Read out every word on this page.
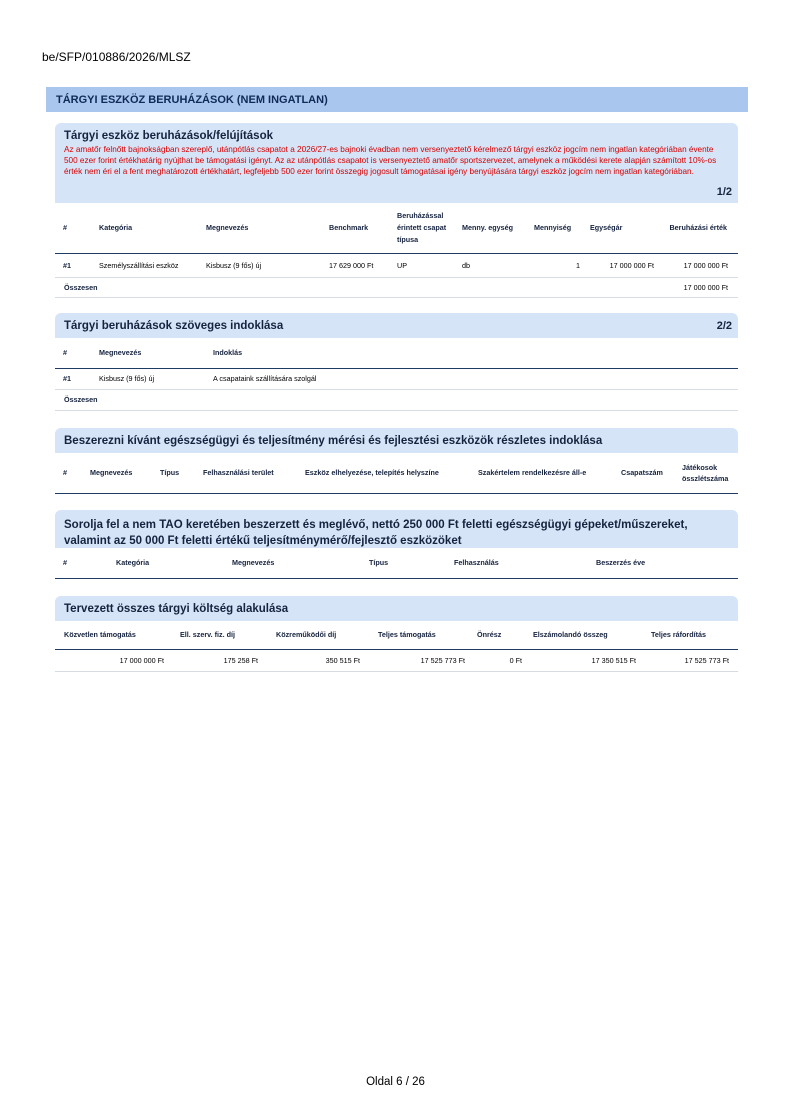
be/SFP/010886/2026/MLSZ
TÁRGYI ESZKÖZ BERUHÁZÁSOK (NEM INGATLAN)
Tárgyi eszköz beruházások/felújítások
Az amatőr felnőtt bajnokságban szereplő, utánpótlás csapatot a 2026/27-es bajnoki évadban nem versenyeztető kérelmező tárgyi eszköz jogcím nem ingatlan kategóriában évente 500 ezer forint értékhatárig nyújthat be támogatási igényt. Az az utánpótlás csapatot is versenyeztető amatőr sportszervezet, amelynek a működési kerete alapján számított 10%-os érték nem éri el a fent meghatározott értékhatárt, legfeljebb 500 ezer forint összegig jogosult támogatásai igény benyújtására tárgyi eszköz jogcím nem ingatlan kategóriában.
1/2
#	Kategória	Megnevezés	Benchmark	Beruházással érintett csapat típusa	Menny. egység	Mennyiség	Egységár	Beruházási érték
#1	Személyszállítási eszköz	Kisbusz (9 fős) új	17 629 000 Ft	UP	db	1	17 000 000 Ft	17 000 000 Ft
Összesen								17 000 000 Ft
Tárgyi beruházások szöveges indoklása	2/2
#	Megnevezés	Indoklás
#1	Kisbusz (9 fős) új	A csapataink szállítására szolgál
Összesen		
Beszerezni kívánt egészségügyi és teljesítmény mérési és fejlesztési eszközök részletes indoklása
#	Megnevezés	Típus	Felhasználási terület	Eszköz elhelyezése, telepítés helyszíne	Szakértelem rendelkezésre áll-e	Csapatszám	Játékosok összlétszáma
Sorolja fel a nem TAO keretében beszerzett és meglévő, nettó 250 000 Ft feletti egészségügyi gépeket/műszereket, valamint az 50 000 Ft feletti értékű teljesítménymérő/fejlesztő eszközöket
#	Kategória	Megnevezés	Típus	Felhasználás	Beszerzés éve
Tervezett összes tárgyi költség alakulása
Közvetlen támogatás	Ell. szerv. fiz. díj	Közreműködői díj	Teljes támogatás	Önrész	Elszámolandó összeg	Teljes ráfordítás
17 000 000 Ft	175 258 Ft	350 515 Ft	17 525 773 Ft	0 Ft	17 350 515 Ft	17 525 773 Ft
Oldal 6 / 26
